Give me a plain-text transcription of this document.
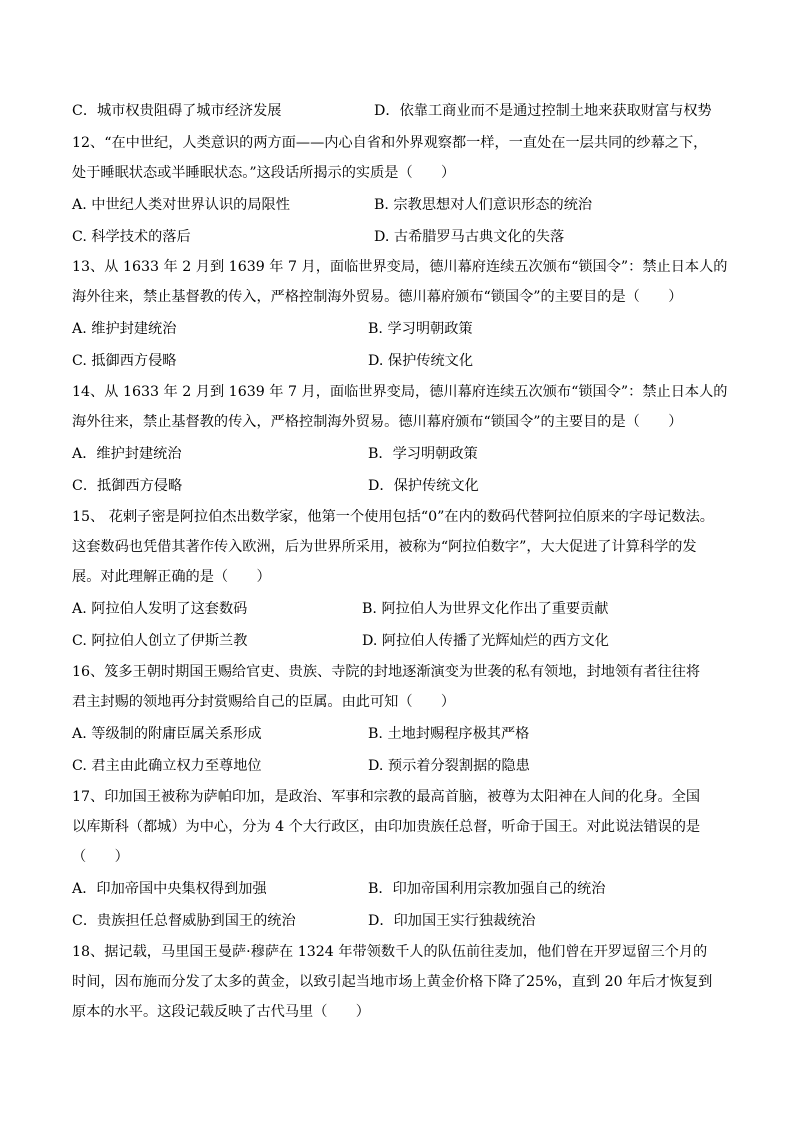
C．城市权贵阻碍了城市经济发展	D．依靠工商业而不是通过控制土地来获取财富与权势
12、“在中世纪，人类意识的两方面——内心自省和外界观察都一样，一直处在一层共同的纱幕之下，
处于睡眠状态或半睡眠状态。”这段话所揭示的实质是（　　）
A. 中世纪人类对世界认识的局限性	B. 宗教思想对人们意识形态的统治
C. 科学技术的落后	D. 古希腊罗马古典文化的失落
13、从 1633 年 2 月到 1639 年 7 月，面临世界变局，德川幕府连续五次颁布“锁国令”：禁止日本人的
海外往来，禁止基督教的传入，严格控制海外贸易。德川幕府颁布“锁国令”的主要目的是（　　）
A. 维护封建统治	B. 学习明朝政策
C. 抵御西方侵略	D. 保护传统文化
14、从 1633 年 2 月到 1639 年 7 月，面临世界变局，德川幕府连续五次颁布“锁国令”：禁止日本人的
海外往来，禁止基督教的传入，严格控制海外贸易。德川幕府颁布“锁国令”的主要目的是（　　）
A．维护封建统治	B．学习明朝政策
C．抵御西方侵略	D．保护传统文化
15、 花剌子密是阿拉伯杰出数学家，他第一个使用包括“0”在内的数码代替阿拉伯原来的字母记数法。
这套数码也凭借其著作传入欧洲，后为世界所采用，被称为“阿拉伯数字”，大大促进了计算科学的发
展。对此理解正确的是（　　）
A. 阿拉伯人发明了这套数码	B. 阿拉伯人为世界文化作出了重要贡献
C. 阿拉伯人创立了伊斯兰教	D. 阿拉伯人传播了光辉灿烂的西方文化
16、笈多王朝时期国王赐给官吏、贵族、寺院的封地逐渐演变为世袭的私有领地，封地领有者往往将
君主封赐的领地再分封赏赐给自己的臣属。由此可知（　　）
A. 等级制的附庸臣属关系形成	B. 土地封赐程序极其严格
C. 君主由此确立权力至尊地位	D. 预示着分裂割据的隐患
17、印加国王被称为萨帕印加，是政治、军事和宗教的最高首脑，被尊为太阳神在人间的化身。全国
以库斯科（都城）为中心，分为 4 个大行政区，由印加贵族任总督，听命于国王。对此说法错误的是
（　　）
A．印加帝国中央集权得到加强	B．印加帝国利用宗教加强自己的统治
C．贵族担任总督威胁到国王的统治	D．印加国王实行独裁统治
18、据记载，马里国王曼萨·穆萨在 1324 年带领数千人的队伍前往麦加，他们曾在开罗逗留三个月的
时间，因布施而分发了太多的黄金，以致引起当地市场上黄金价格下降了25%，直到 20 年后才恢复到
原本的水平。这段记载反映了古代马里（　　）
